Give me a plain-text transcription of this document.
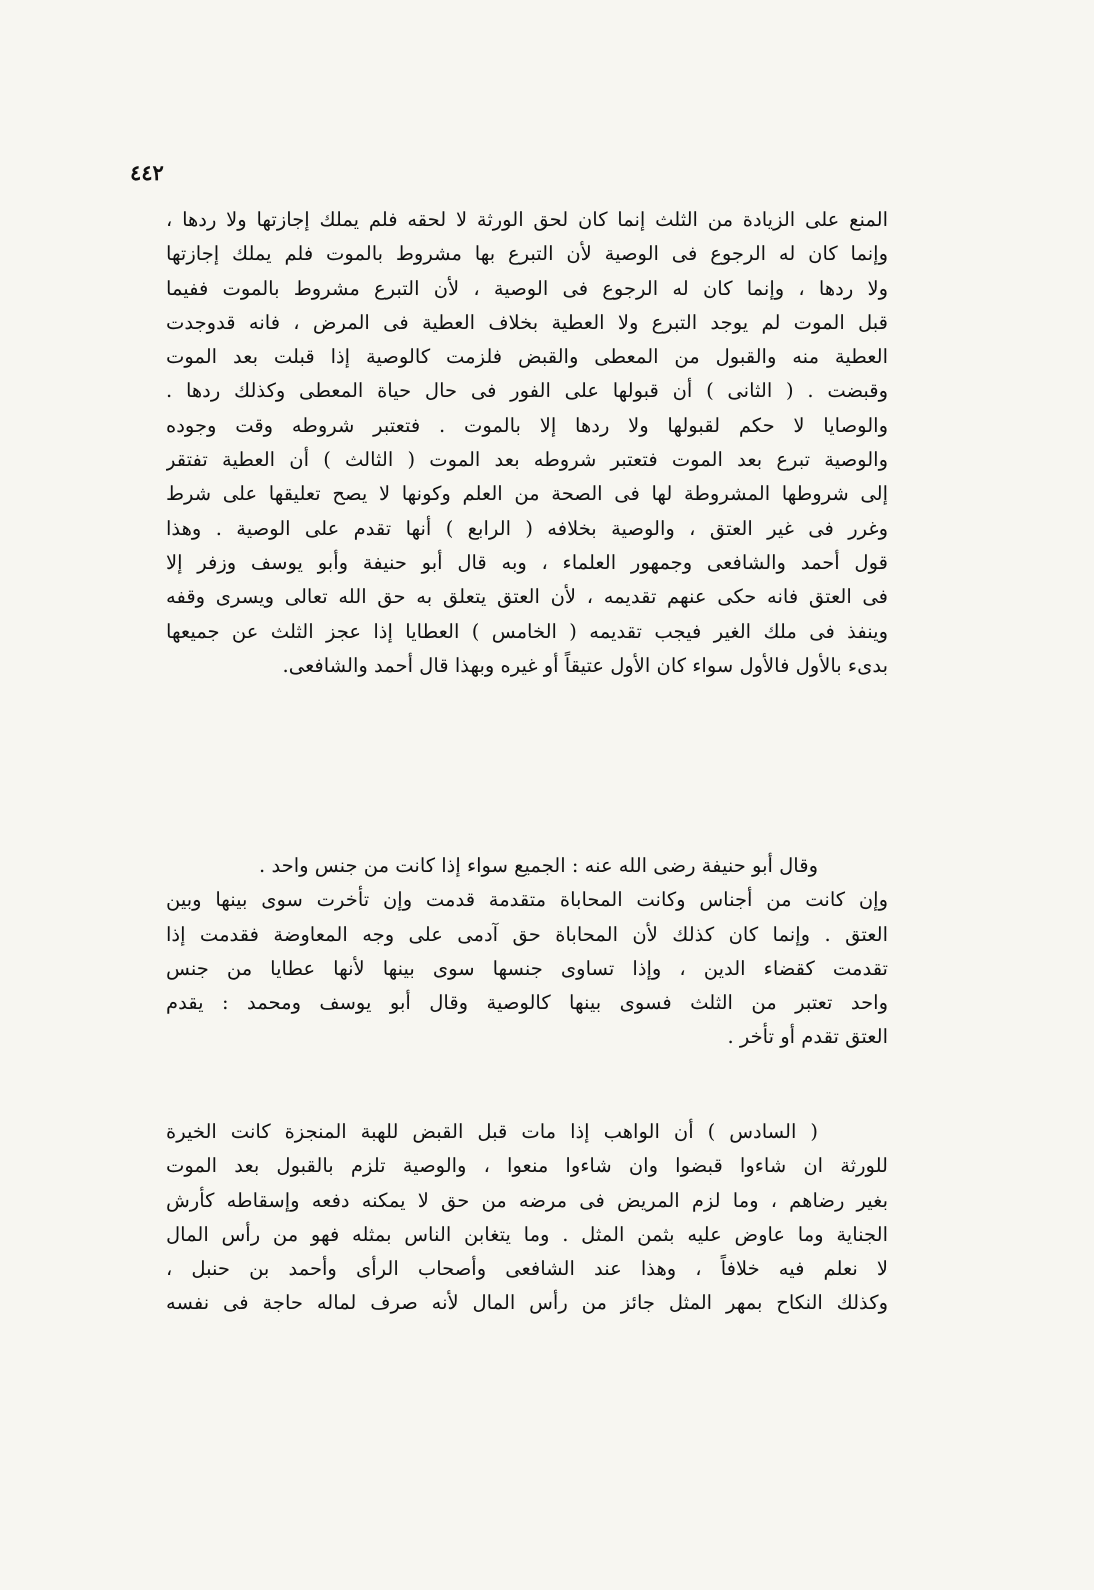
٤٤٢
المنع على الزيادة من الثلث إنما كان لحق الورثة لا لحقه فلم يملك إجازتها ولا ردها ،
وإنما كان له الرجوع فى الوصية لأن التبرع بها مشروط بالموت فلم يملك إجازتها
ولا ردها ، وإنما كان له الرجوع فى الوصية ، لأن التبرع مشروط بالموت ففيما
قبل الموت لم يوجد التبرع ولا العطية بخلاف العطية فى المرض ، فانه قدوجدت
العطية منه والقبول من المعطى والقبض فلزمت كالوصية إذا قبلت بعد الموت
وقبضت . ( الثانى ) أن قبولها على الفور فى حال حياة المعطى وكذلك ردها .
والوصايا لا حكم لقبولها ولا ردها إلا بالموت . فتعتبر شروطه وقت وجوده
والوصية تبرع بعد الموت فتعتبر شروطه بعد الموت ( الثالث ) أن العطية تفتقر
إلى شروطها المشروطة لها فى الصحة من العلم وكونها لا يصح تعليقها على شرط
وغرر فى غير العتق ، والوصية بخلافه ( الرابع ) أنها تقدم على الوصية . وهذا
قول أحمد والشافعى وجمهور العلماء ، وبه قال أبو حنيفة وأبو يوسف وزفر إلا
فى العتق فانه حكى عنهم تقديمه ، لأن العتق يتعلق به حق الله تعالى ويسرى وقفه
وينفذ فى ملك الغير فيجب تقديمه ( الخامس ) العطايا إذا عجز الثلث عن جميعها
بدىء بالأول فالأول سواء كان الأول عتيقاً أو غيره وبهذا قال أحمد والشافعى.
وقال أبو حنيفة رضى الله عنه : الجميع سواء إذا كانت من جنس واحد .
وإن كانت من أجناس وكانت المحاباة متقدمة قدمت وإن تأخرت سوى بينها وبين
العتق . وإنما كان كذلك لأن المحاباة حق آدمى على وجه المعاوضة فقدمت إذا
تقدمت كقضاء الدين ، وإذا تساوى جنسها سوى بينها لأنها عطايا من جنس
واحد تعتبر من الثلث فسوى بينها كالوصية وقال أبو يوسف ومحمد : يقدم
العتق تقدم أو تأخر .
( السادس ) أن الواهب إذا مات قبل القبض للهبة المنجزة كانت الخيرة
للورثة ان شاءوا قبضوا وان شاءوا منعوا ، والوصية تلزم بالقبول بعد الموت
بغير رضاهم ، وما لزم المريض فى مرضه من حق لا يمكنه دفعه وإسقاطه كأرش
الجناية وما عاوض عليه بثمن المثل . وما يتغابن الناس بمثله فهو من رأس المال
لا نعلم فيه خلافاً ، وهذا عند الشافعى وأصحاب الرأى وأحمد بن حنبل ،
وكذلك النكاح بمهر المثل جائز من رأس المال لأنه صرف لماله حاجة فى نفسه
